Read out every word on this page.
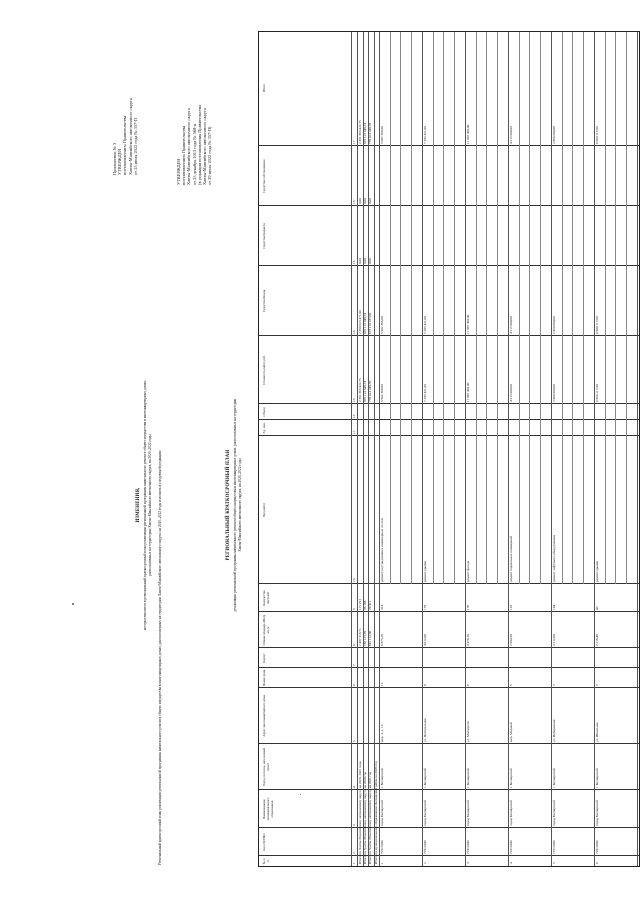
Приложение № 3 УТВЕРЖДЕН постановлением Правительства Ханты-Мансийского автономного округа от 25 июля 2022 года № 357-П	УТВЕРЖДЕН постановлением Правительства Ханты-Мансийского автономного округа от 25 декабря 2013 года № 568-п (в редакции постановления Правительства Ханты-Мансийского автономного округа от 29 июля 2022 года № 357-П)
ИЗМЕНЕНИЯ, которые вносятся в региональный краткосрочный план реализации региональной программы капитального ремонта общего имущества в многоквартирных домах, расположенных на территории Ханты-Мансийского автономного округа, на 2020–2022 годы Региональный краткосрочный план реализации региональной программы капитального ремонта общего имущества в многоквартирных домах, расположенных на территории Ханты-Мансийского автономного округа, на 2020–2022 годы изложить в следующей редакции:	РЕГИОНАЛЬНЫЙ КРАТКОСРОЧНЫЙ ПЛАН реализации региональной программы капитального ремонта общего имущества в многоквартирных домах, расположенных на территории Ханты-Мансийского автономного округа, на 2020–2022 годы
№ п/п
Код ОКТМО
Наименование муниципального образования
Город, поселок, населенный пункт
Адрес многоквартирного дома
Номер дома
Корпус
Общая площадь МКД, кв. м
Количество жителей
Вид работ
Ед. изм.
Объем
Стоимость работ, руб.
Средства Фонда
Средства бюджета
Средства собственников
Итого
1
2
3
4
5
6
7
8
9
10
11
12
13
14
15
16
17
Итого по Ханты-Мансийскому автономному округу на 2020–2022 годы
2 497 319,71
115 293
2 391 863 422,75
2 390 623 471,00
0,00
0,00
2 391 863 422,75
Итого по Ханты-Мансийскому автономному округу на 2020 год
782 115,70
36 168
825 113 348,74
825 113 348,74
0,00
0,00
825 113 348,74
Итого по Ханты-Мансийскому автономному округу на 2021 год
641 112,00
29 411
770 413 249,70
673 118 237,00
0,00
0,00
770 413 249,70
Итого по муниципальному образованию Белоярский район на 2020 год 1
71811000
город Белоярский
г. Белоярский
мкр. 3, д. 12
12
6 875,20
314
ремонт внутридомовых инженерных систем
5 902 366,00
5 902 366,00
5 902 366,00
2
71811000
город Белоярский
г. Белоярский
ул. Центральная
8
4 012,00
178
ремонт крыши
7 283 421,00
7 283 421,00
7 283 421,00
3
71811000
город Белоярский
г. Белоярский
ул. Молодости
6
3 476,70
176
ремонт фасада
11 867 493,00
11 867 493,00
11 867 493,00
4
71811000
город Белоярский
г. Белоярский
мкр. Мирный
5
2 884,50
125
ремонт подвальных помещений
4 215 000,00
4 215 000,00
4 215 000,00
5
71811000
город Белоярский
г. Белоярский
ул. Набережная
2
3 212,00
144
ремонт лифтового оборудования
2 860 000,00
2 860 000,00
2 860 000,00
6
71811000
город Белоярский
г. Белоярский
ул. Школьная
3
2 216,40
43
ремонт крыши
6 960 117,00
6 960 117,00
6 960 117,00
